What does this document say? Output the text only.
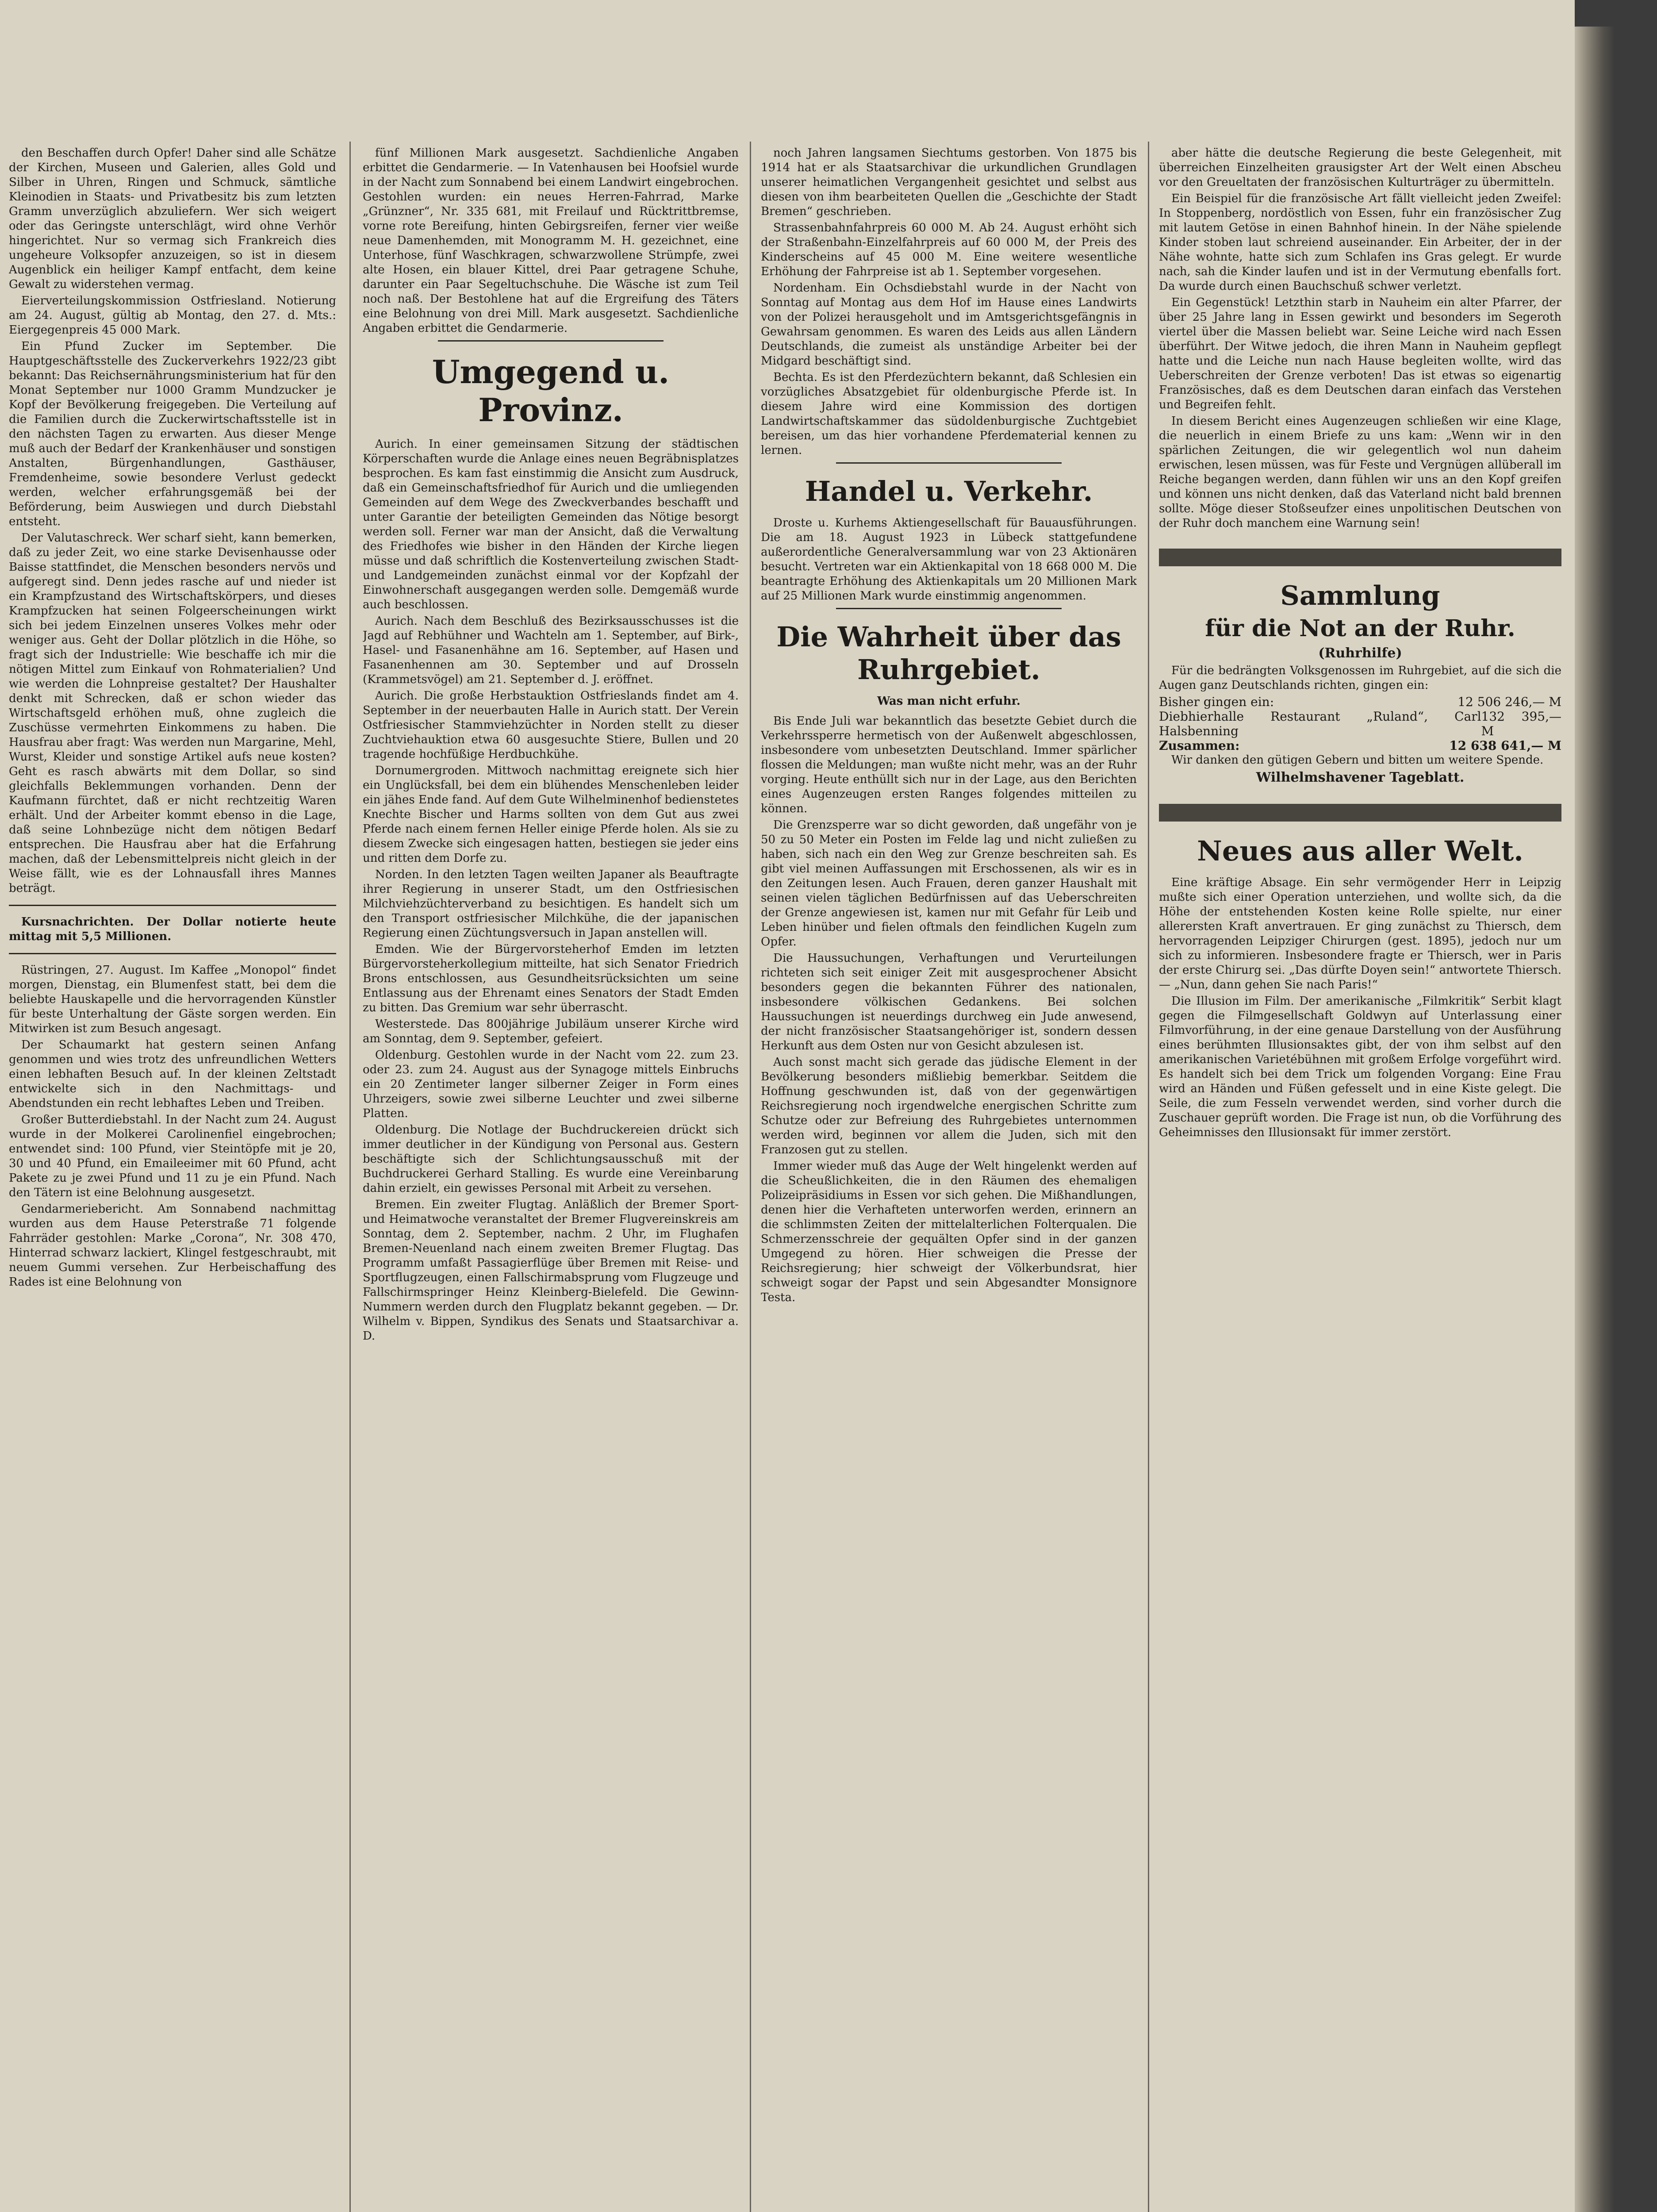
den Beschaffen durch Opfer! Daher sind alle Schätze der Kirchen, Museen und Galerien, alles Gold und Silber in Uhren, Ringen und Schmuck, sämtliche Kleinodien in Staats- und Privatbesitz bis zum letzten Gramm unverzüglich abzuliefern. Wer sich weigert oder das Geringste unterschlägt, wird ohne Verhör hingerichtet. Nur so vermag sich Frankreich dies ungeheure Volksopfer anzuzeigen, so ist in diesem Augenblick ein heiliger Kampf entfacht, dem keine Gewalt zu widerstehen vermag.

Eierverteilungskommission Ostfriesland. Notierung am 24. August, gültig ab Montag, den 27. d. Mts.: Eiergegenpreis 45 000 Mark.

Ein Pfund Zucker im September. Die Hauptgeschäftsstelle des Zuckerverkehrs 1922/23 gibt bekannt: Das Reichsernährungsministerium hat für den Monat September nur 1000 Gramm Mundzucker je Kopf der Bevölkerung freigegeben. Die Verteilung auf die Familien durch die Zuckerwirtschaftsstelle ist in den nächsten Tagen zu erwarten. Aus dieser Menge muß auch der Bedarf der Krankenhäuser und sonstigen Anstalten, Bürgenhandlungen, Gasthäuser, Fremdenheime, sowie besondere Verlust gedeckt werden, welcher erfahrungsgemäß bei der Beförderung, beim Auswiegen und durch Diebstahl entsteht.

Der Valutaschreck. Wer scharf sieht, kann bemerken, daß zu jeder Zeit, wo eine starke Devisenhausse oder Baisse stattfindet, die Menschen besonders nervös und aufgeregt sind. Denn jedes rasche auf und nieder ist ein Krampfzustand des Wirtschaftskörpers, und dieses Krampfzucken hat seinen Folgeerscheinungen wirkt sich bei jedem Einzelnen unseres Volkes mehr oder weniger aus. Geht der Dollar plötzlich in die Höhe, so fragt sich der Industrielle: Wie beschaffe ich mir die nötigen Mittel zum Einkauf von Rohmaterialien? Und wie werden die Lohnpreise gestaltet? Der Haushalter denkt mit Schrecken, daß er schon wieder das Wirtschaftsgeld erhöhen muß, ohne zugleich die Zuschüsse vermehrten Einkommens zu haben. Die Hausfrau aber fragt: Was werden nun Margarine, Mehl, Wurst, Kleider und sonstige Artikel aufs neue kosten? Geht es rasch abwärts mit dem Dollar, so sind gleichfalls Beklemmungen vorhanden. Denn der Kaufmann fürchtet, daß er nicht rechtzeitig Waren erhält. Und der Arbeiter kommt ebenso in die Lage, daß seine Lohnbezüge nicht dem nötigen Bedarf entsprechen. Die Hausfrau aber hat die Erfahrung machen, daß der Lebensmittelpreis nicht gleich in der Weise fällt, wie es der Lohnausfall ihres Mannes beträgt.

Kursnachrichten. Der Dollar notierte heute mittag mit 5,5 Millionen.

Rüstringen, 27. August. Im Kaffee „Monopol“ findet morgen, Dienstag, ein Blumenfest statt, bei dem die beliebte Hauskapelle und die hervorragenden Künstler für beste Unterhaltung der Gäste sorgen werden. Ein Mitwirken ist zum Besuch angesagt.

Der Schaumarkt hat gestern seinen Anfang genommen und wies trotz des unfreundlichen Wetters einen lebhaften Besuch auf. In der kleinen Zeltstadt entwickelte sich in den Nachmittags- und Abendstunden ein recht lebhaftes Leben und Treiben.

Großer Butterdiebstahl. In der Nacht zum 24. August wurde in der Molkerei Carolinenfiel eingebrochen; entwendet sind: 100 Pfund, vier Steintöpfe mit je 20, 30 und 40 Pfund, ein Emaileeimer mit 60 Pfund, acht Pakete zu je zwei Pfund und 11 zu je ein Pfund. Nach den Tätern ist eine Belohnung ausgesetzt.

Gendarmeriebericht. Am Sonnabend nachmittag wurden aus dem Hause Peterstraße 71 folgende Fahrräder gestohlen: Marke „Corona“, Nr. 308 470, Hinterrad schwarz lackiert, Klingel festgeschraubt, mit neuem Gummi versehen. Zur Herbeischaffung des Rades ist eine Belohnung von

fünf Millionen Mark ausgesetzt. Sachdienliche Angaben erbittet die Gendarmerie. — In Vatenhausen bei Hoofsiel wurde in der Nacht zum Sonnabend bei einem Landwirt eingebrochen. Gestohlen wurden: ein neues Herren-Fahrrad, Marke „Grünzner“, Nr. 335 681, mit Freilauf und Rücktrittbremse, vorne rote Bereifung, hinten Gebirgsreifen, ferner vier weiße neue Damenhemden, mit Monogramm M. H. gezeichnet, eine Unterhose, fünf Waschkragen, schwarzwollene Strümpfe, zwei alte Hosen, ein blauer Kittel, drei Paar getragene Schuhe, darunter ein Paar Segeltuchschuhe. Die Wäsche ist zum Teil noch naß. Der Bestohlene hat auf die Ergreifung des Täters eine Belohnung von drei Mill. Mark ausgesetzt. Sachdienliche Angaben erbittet die Gendarmerie.

Umgegend u. Provinz.

Aurich. In einer gemeinsamen Sitzung der städtischen Körperschaften wurde die Anlage eines neuen Begräbnisplatzes besprochen. Es kam fast einstimmig die Ansicht zum Ausdruck, daß ein Gemeinschaftsfriedhof für Aurich und die umliegenden Gemeinden auf dem Wege des Zweckverbandes beschafft und unter Garantie der beteiligten Gemeinden das Nötige besorgt werden soll. Ferner war man der Ansicht, daß die Verwaltung des Friedhofes wie bisher in den Händen der Kirche liegen müsse und daß schriftlich die Kostenverteilung zwischen Stadt- und Landgemeinden zunächst einmal vor der Kopfzahl der Einwohnerschaft ausgegangen werden solle. Demgemäß wurde auch beschlossen.

Aurich. Nach dem Beschluß des Bezirksausschusses ist die Jagd auf Rebhühner und Wachteln am 1. September, auf Birk-, Hasel- und Fasanenhähne am 16. September, auf Hasen und Fasanenhennen am 30. September und auf Drosseln (Krammetsvögel) am 21. September d. J. eröffnet.

Aurich. Die große Herbstauktion Ostfrieslands findet am 4. September in der neuerbauten Halle in Aurich statt. Der Verein Ostfriesischer Stammviehzüchter in Norden stellt zu dieser Zuchtviehauktion etwa 60 ausgesuchte Stiere, Bullen und 20 tragende hochfüßige Herdbuchkühe.

Dornumergroden. Mittwoch nachmittag ereignete sich hier ein Unglücksfall, bei dem ein blühendes Menschenleben leider ein jähes Ende fand. Auf dem Gute Wilhelminenhof bedienstetes Knechte Bischer und Harms sollten von dem Gut aus zwei Pferde nach einem fernen Heller einige Pferde holen. Als sie zu diesem Zwecke sich eingesagen hatten, bestiegen sie jeder eins und ritten dem Dorfe zu.

Norden. In den letzten Tagen weilten Japaner als Beauftragte ihrer Regierung in unserer Stadt, um den Ostfriesischen Milchviehzüchterverband zu besichtigen. Es handelt sich um den Transport ostfriesischer Milchkühe, die der japanischen Regierung einen Züchtungsversuch in Japan anstellen will.

Emden. Wie der Bürgervorsteherhof Emden im letzten Bürgervorsteherkollegium mitteilte, hat sich Senator Friedrich Brons entschlossen, aus Gesundheitsrücksichten um seine Entlassung aus der Ehrenamt eines Senators der Stadt Emden zu bitten. Das Gremium war sehr überrascht.

Westerstede. Das 800jährige Jubiläum unserer Kirche wird am Sonntag, dem 9. September, gefeiert.

Oldenburg. Gestohlen wurde in der Nacht vom 22. zum 23. oder 23. zum 24. August aus der Synagoge mittels Einbruchs ein 20 Zentimeter langer silberner Zeiger in Form eines Uhrzeigers, sowie zwei silberne Leuchter und zwei silberne Platten.

Oldenburg. Die Notlage der Buchdruckereien drückt sich immer deutlicher in der Kündigung von Personal aus. Gestern beschäftigte sich der Schlichtungsausschuß mit der Buchdruckerei Gerhard Stalling. Es wurde eine Vereinbarung dahin erzielt, ein gewisses Personal mit Arbeit zu versehen.

Bremen. Ein zweiter Flugtag. Anläßlich der Bremer Sport- und Heimatwoche veranstaltet der Bremer Flugvereinskreis am Sonntag, dem 2. September, nachm. 2 Uhr, im Flughafen Bremen-Neuenland nach einem zweiten Bremer Flugtag. Das Programm umfaßt Passagierflüge über Bremen mit Reise- und Sportflugzeugen, einen Fallschirmabsprung vom Flugzeuge und Fallschirmspringer Heinz Kleinberg-Bielefeld. Die Gewinn-Nummern werden durch den Flugplatz bekannt gegeben. — Dr. Wilhelm v. Bippen, Syndikus des Senats und Staatsarchivar a. D.

noch Jahren langsamen Siechtums gestorben. Von 1875 bis 1914 hat er als Staatsarchivar die urkundlichen Grundlagen unserer heimatlichen Vergangenheit gesichtet und selbst aus diesen von ihm bearbeiteten Quellen die „Geschichte der Stadt Bremen“ geschrieben.

Strassenbahnfahrpreis 60 000 M. Ab 24. August erhöht sich der Straßenbahn-Einzelfahrpreis auf 60 000 M, der Preis des Kinderscheins auf 45 000 M. Eine weitere wesentliche Erhöhung der Fahrpreise ist ab 1. September vorgesehen.

Nordenham. Ein Ochsdiebstahl wurde in der Nacht von Sonntag auf Montag aus dem Hof im Hause eines Landwirts von der Polizei herausgeholt und im Amtsgerichtsgefängnis in Gewahrsam genommen. Es waren des Leids aus allen Ländern Deutschlands, die zumeist als unständige Arbeiter bei der Midgard beschäftigt sind.

Bechta. Es ist den Pferdezüchtern bekannt, daß Schlesien ein vorzügliches Absatzgebiet für oldenburgische Pferde ist. In diesem Jahre wird eine Kommission des dortigen Landwirtschaftskammer das südoldenburgische Zuchtgebiet bereisen, um das hier vorhandene Pferdematerial kennen zu lernen.

Handel u. Verkehr.

Droste u. Kurhems Aktiengesellschaft für Bauausführungen. Die am 18. August 1923 in Lübeck stattgefundene außerordentliche Generalversammlung war von 23 Aktionären besucht. Vertreten war ein Aktienkapital von 18 668 000 M. Die beantragte Erhöhung des Aktienkapitals um 20 Millionen Mark auf 25 Millionen Mark wurde einstimmig angenommen.

Die Wahrheit über das Ruhrgebiet.

Was man nicht erfuhr.

Bis Ende Juli war bekanntlich das besetzte Gebiet durch die Verkehrssperre hermetisch von der Außenwelt abgeschlossen, insbesondere vom unbesetzten Deutschland. Immer spärlicher flossen die Meldungen; man wußte nicht mehr, was an der Ruhr vorging. Heute enthüllt sich nur in der Lage, aus den Berichten eines Augenzeugen ersten Ranges folgendes mitteilen zu können.

Die Grenzsperre war so dicht geworden, daß ungefähr von je 50 zu 50 Meter ein Posten im Felde lag und nicht zuließen zu haben, sich nach ein den Weg zur Grenze beschreiten sah. Es gibt viel meinen Auffassungen mit Erschossenen, als wir es in den Zeitungen lesen. Auch Frauen, deren ganzer Haushalt mit seinen vielen täglichen Bedürfnissen auf das Ueberschreiten der Grenze angewiesen ist, kamen nur mit Gefahr für Leib und Leben hinüber und fielen oftmals den feindlichen Kugeln zum Opfer.

Die Haussuchungen, Verhaftungen und Verurteilungen richteten sich seit einiger Zeit mit ausgesprochener Absicht besonders gegen die bekannten Führer des nationalen, insbesondere völkischen Gedankens. Bei solchen Haussuchungen ist neuerdings durchweg ein Jude anwesend, der nicht französischer Staatsangehöriger ist, sondern dessen Herkunft aus dem Osten nur von Gesicht abzulesen ist.

Auch sonst macht sich gerade das jüdische Element in der Bevölkerung besonders mißliebig bemerkbar. Seitdem die Hoffnung geschwunden ist, daß von der gegenwärtigen Reichsregierung noch irgendwelche energischen Schritte zum Schutze oder zur Befreiung des Ruhrgebietes unternommen werden wird, beginnen vor allem die Juden, sich mit den Franzosen gut zu stellen.

Immer wieder muß das Auge der Welt hingelenkt werden auf die Scheußlichkeiten, die in den Räumen des ehemaligen Polizeipräsidiums in Essen vor sich gehen. Die Mißhandlungen, denen hier die Verhafteten unterworfen werden, erinnern an die schlimmsten Zeiten der mittelalterlichen Folterqualen. Die Schmerzensschreie der gequälten Opfer sind in der ganzen Umgegend zu hören. Hier schweigen die Presse der Reichsregierung; hier schweigt der Völkerbundsrat, hier schweigt sogar der Papst und sein Abgesandter Monsignore Testa.

aber hätte die deutsche Regierung die beste Gelegenheit, mit überreichen Einzelheiten grausigster Art der Welt einen Abscheu vor den Greueltaten der französischen Kulturträger zu übermitteln.

Ein Beispiel für die französische Art fällt vielleicht jeden Zweifel: In Stoppenberg, nordöstlich von Essen, fuhr ein französischer Zug mit lautem Getöse in einen Bahnhof hinein. In der Nähe spielende Kinder stoben laut schreiend auseinander. Ein Arbeiter, der in der Nähe wohnte, hatte sich zum Schlafen ins Gras gelegt. Er wurde nach, sah die Kinder laufen und ist in der Vermutung ebenfalls fort. Da wurde durch einen Bauchschuß schwer verletzt.

Ein Gegenstück! Letzthin starb in Nauheim ein alter Pfarrer, der über 25 Jahre lang in Essen gewirkt und besonders im Segeroth viertel über die Massen beliebt war. Seine Leiche wird nach Essen überführt. Der Witwe jedoch, die ihren Mann in Nauheim gepflegt hatte und die Leiche nun nach Hause begleiten wollte, wird das Ueberschreiten der Grenze verboten! Das ist etwas so eigenartig Französisches, daß es dem Deutschen daran einfach das Verstehen und Begreifen fehlt.

In diesem Bericht eines Augenzeugen schließen wir eine Klage, die neuerlich in einem Briefe zu uns kam: „Wenn wir in den spärlichen Zeitungen, die wir gelegentlich wol nun daheim erwischen, lesen müssen, was für Feste und Vergnügen allüberall im Reiche begangen werden, dann fühlen wir uns an den Kopf greifen und können uns nicht denken, daß das Vaterland nicht bald brennen sollte. Möge dieser Stoßseufzer eines unpolitischen Deutschen von der Ruhr doch manchem eine Warnung sein!

Sammlung
für die Not an der Ruhr.

(Ruhrhilfe)

Für die bedrängten Volksgenossen im Ruhrgebiet, auf die sich die Augen ganz Deutschlands richten, gingen ein:

Bisher gingen ein:	12 506 246,— M
Diebhierhalle Restaurant „Ruland“, Carl Halsbenning
132 395,— M
Zusammen:	12 638 641,— M

Wir danken den gütigen Gebern und bitten um weitere Spende.

Wilhelmshavener Tageblatt.

Neues aus aller Welt.

Eine kräftige Absage. Ein sehr vermögender Herr in Leipzig mußte sich einer Operation unterziehen, und wollte sich, da die Höhe der entstehenden Kosten keine Rolle spielte, nur einer allerersten Kraft anvertrauen. Er ging zunächst zu Thiersch, dem hervorragenden Leipziger Chirurgen (gest. 1895), jedoch nur um sich zu informieren. Insbesondere fragte er Thiersch, wer in Paris der erste Chirurg sei. „Das dürfte Doyen sein!“ antwortete Thiersch. — „Nun, dann gehen Sie nach Paris!“

Die Illusion im Film. Der amerikanische „Filmkritik“ Serbit klagt gegen die Filmgesellschaft Goldwyn auf Unterlassung einer Filmvorführung, in der eine genaue Darstellung von der Ausführung eines berühmten Illusionsaktes gibt, der von ihm selbst auf den amerikanischen Varietébühnen mit großem Erfolge vorgeführt wird. Es handelt sich bei dem Trick um folgenden Vorgang: Eine Frau wird an Händen und Füßen gefesselt und in eine Kiste gelegt. Die Seile, die zum Fesseln verwendet werden, sind vorher durch die Zuschauer geprüft worden. Die Frage ist nun, ob die Vorführung des Geheimnisses den Illusionsakt für immer zerstört.
